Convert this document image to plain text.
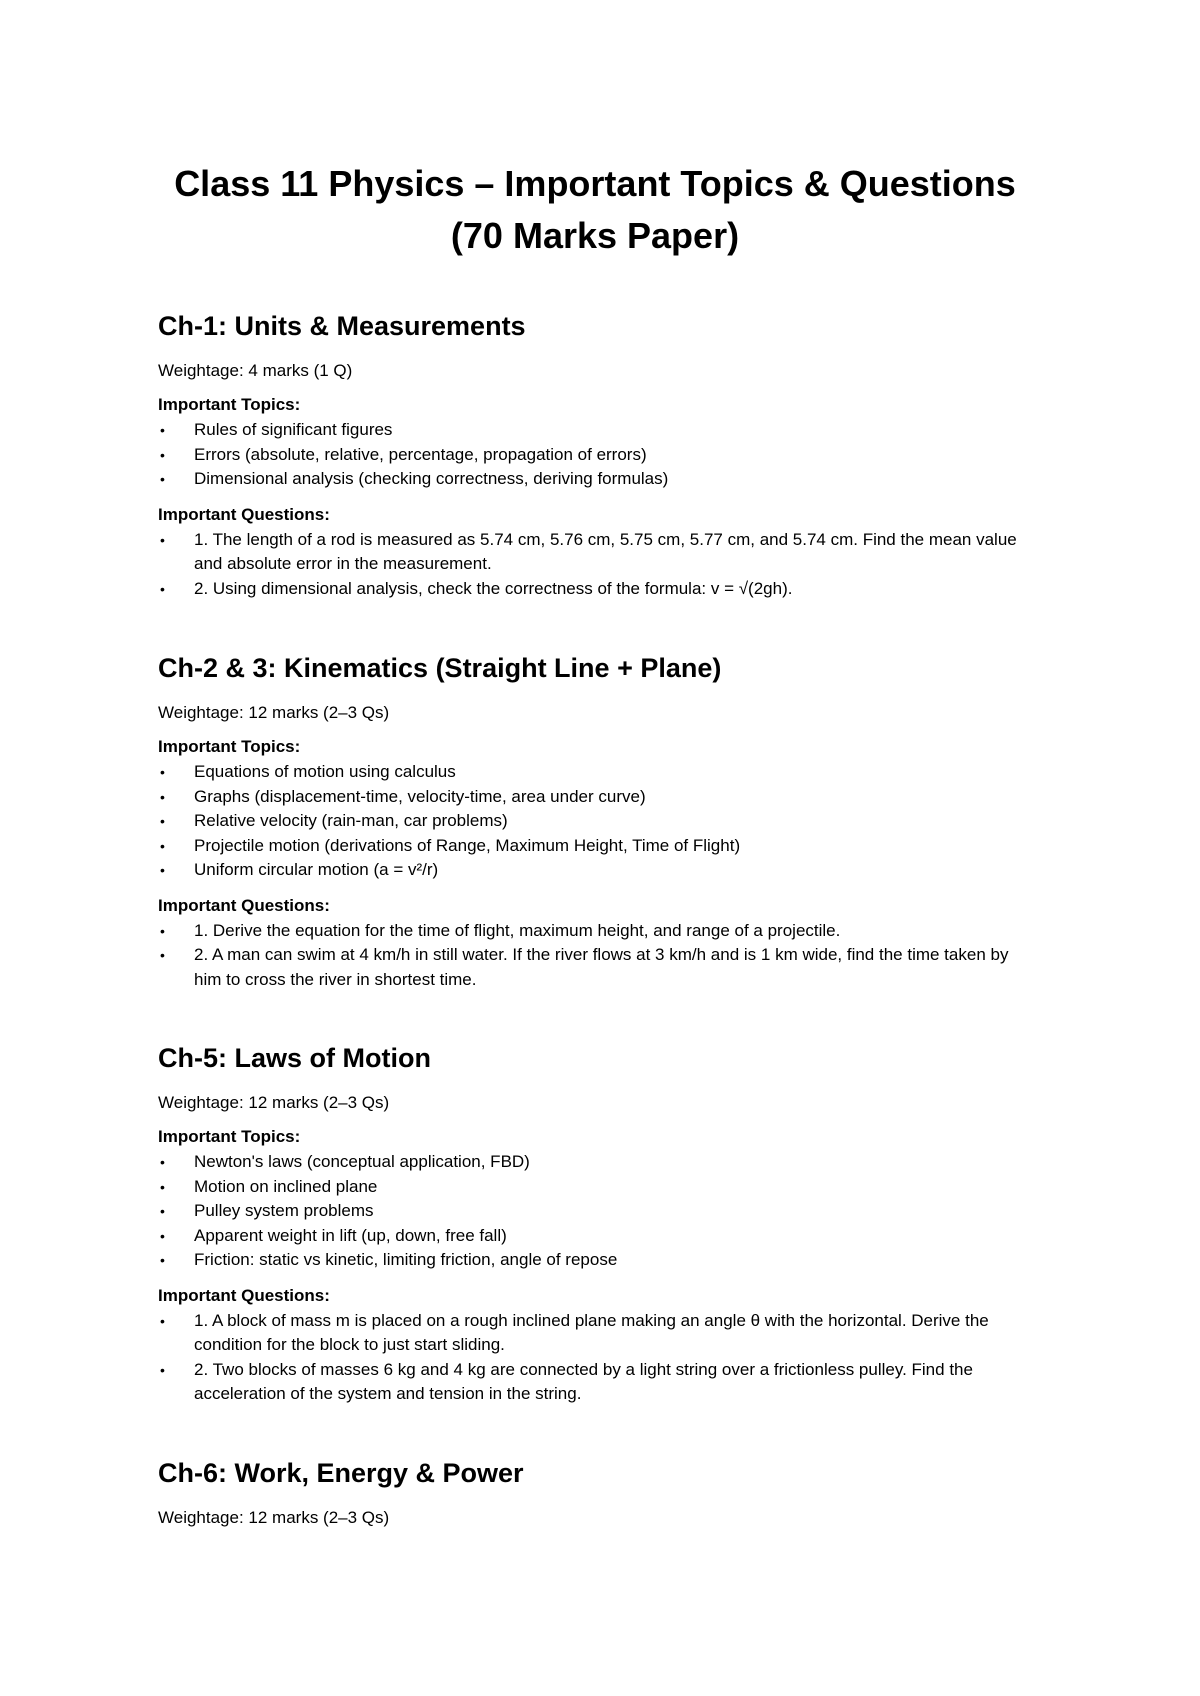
Class 11 Physics – Important Topics & Questions
(70 Marks Paper)
Ch-1: Units & Measurements

Weightage: 4 marks (1 Q)

Important Topics:

• Rules of significant figures
• Errors (absolute, relative, percentage, propagation of errors)
• Dimensional analysis (checking correctness, deriving formulas)

Important Questions:

• 1. The length of a rod is measured as 5.74 cm, 5.76 cm, 5.75 cm, 5.77 cm, and 5.74 cm. Find the mean value and absolute error in the measurement.
• 2. Using dimensional analysis, check the correctness of the formula: v = √(2gh).
Ch-2 & 3: Kinematics (Straight Line + Plane)

Weightage: 12 marks (2–3 Qs)

Important Topics:

• Equations of motion using calculus
• Graphs (displacement-time, velocity-time, area under curve)
• Relative velocity (rain-man, car problems)
• Projectile motion (derivations of Range, Maximum Height, Time of Flight)
• Uniform circular motion (a = v²/r)

Important Questions:

• 1. Derive the equation for the time of flight, maximum height, and range of a projectile.
• 2. A man can swim at 4 km/h in still water. If the river flows at 3 km/h and is 1 km wide, find the time taken by him to cross the river in shortest time.
Ch-5: Laws of Motion

Weightage: 12 marks (2–3 Qs)

Important Topics:

• Newton's laws (conceptual application, FBD)
• Motion on inclined plane
• Pulley system problems
• Apparent weight in lift (up, down, free fall)
• Friction: static vs kinetic, limiting friction, angle of repose

Important Questions:

• 1. A block of mass m is placed on a rough inclined plane making an angle θ with the horizontal. Derive the condition for the block to just start sliding.
• 2. Two blocks of masses 6 kg and 4 kg are connected by a light string over a frictionless pulley. Find the acceleration of the system and tension in the string.
Ch-6: Work, Energy & Power

Weightage: 12 marks (2–3 Qs)
